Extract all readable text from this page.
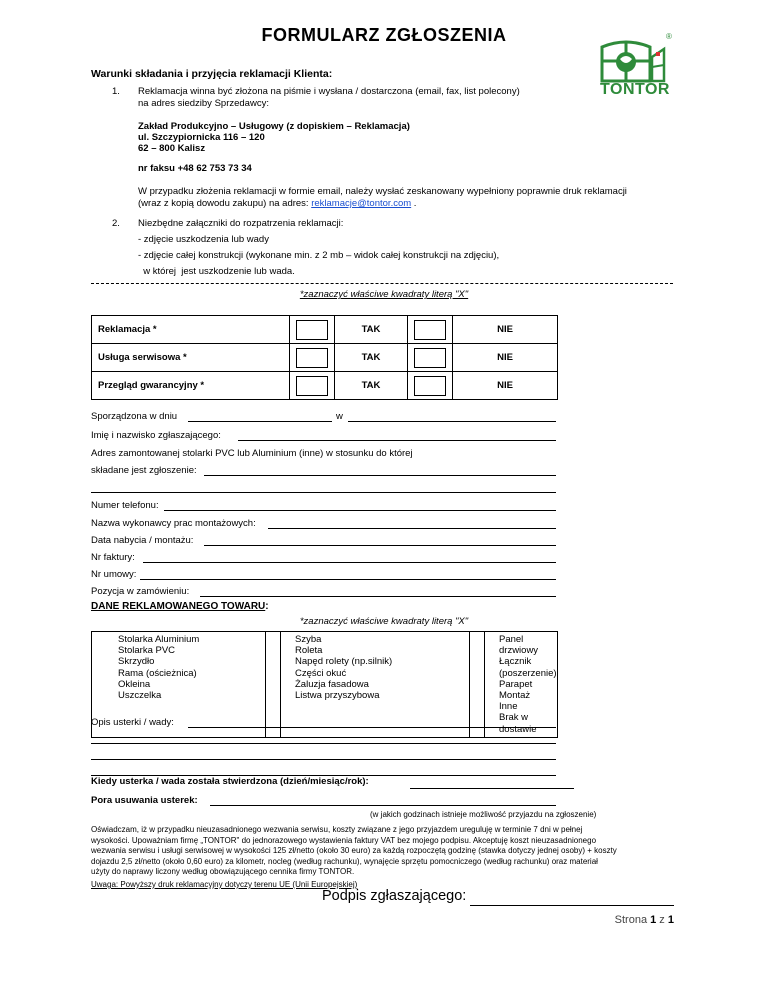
FORMULARZ ZGŁOSZENIA
TONTOR
®
Warunki składania i przyjęcia reklamacji Klienta:
1. Reklamacja winna być złożona na piśmie i wysłana / dostarczona (email, fax, list polecony)
na adres siedziby Sprzedawcy:
Zakład Produkcyjno – Usługowy (z dopiskiem – Reklamacja)
ul. Szczypiornicka 116 – 120
62 – 800 Kalisz
nr faksu +48 62 753 73 34
W przypadku złożenia reklamacji w formie email, należy wysłać zeskanowany wypełniony poprawnie druk reklamacji
(wraz z kopią dowodu zakupu) na adres: reklamacje@tontor.com .
2. Niezbędne załączniki do rozpatrzenia reklamacji:
- zdjęcie uszkodzenia lub wady
- zdjęcie całej konstrukcji (wykonane min. z 2 mb – widok całej konstrukcji na zdjęciu),
w której  jest uszkodzenie lub wada.
*zaznaczyć właściwe kwadraty literą "X"
Reklamacja *		TAK		NIE
Usługa serwisowa *		TAK		NIE
Przegląd gwarancyjny *		TAK		NIE
Sporządzona w dniu	w
Imię i nazwisko zgłaszającego:
Adres zamontowanej stolarki PVC lub Aluminium (inne) w stosunku do której
składane jest zgłoszenie:
Numer telefonu:
Nazwa wykonawcy prac montażowych:
Data nabycia / montażu:
Nr faktury:
Nr umowy:
Pozycja w zamówieniu:
DANE REKLAMOWANEGO TOWARU:
*zaznaczyć właściwe kwadraty literą "X"
Stolarka Aluminium
Stolarka PVC
Skrzydło
Rama (ościeżnica)
Okleina
Uszczelka

Szyba
Roleta
Napęd rolety (np.silnik)
Części okuć
Żaluzja fasadowa
Listwa przyszybowa

Panel drzwiowy
Łącznik (poszerzenie)
Parapet
Montaż
Inne
Brak w dostawie
Opis usterki / wady:
Kiedy usterka / wada została stwierdzona (dzień/miesiąc/rok):
Pora usuwania usterek:
(w jakich godzinach istnieje możliwość przyjazdu na zgłoszenie)
Oświadczam, iż w przypadku nieuzasadnionego wezwania serwisu, koszty związane z jego przyjazdem ureguluję w terminie 7 dni w pełnej
wysokości. Upoważniam firmę „TONTOR" do jednorazowego wystawienia faktury VAT bez mojego podpisu. Akceptuję koszt nieuzasadnionego
wezwania serwisu i usługi serwisowej w wysokości 125 zł/netto (około 30 euro) za każdą rozpoczętą godzinę (stawka dotyczy jednej osoby) + koszty
dojazdu 2,5 zł/netto (około 0,60 euro) za kilometr, nocleg (według rachunku), wynajęcie sprzętu pomocniczego (według rachunku) oraz materiał
użyty do naprawy liczony według obowiązującego cennika firmy TONTOR.
Uwaga: Powyższy druk reklamacyjny dotyczy terenu UE (Unii Europejskiej)
Podpis zgłaszającego:
Strona 1 z 1
